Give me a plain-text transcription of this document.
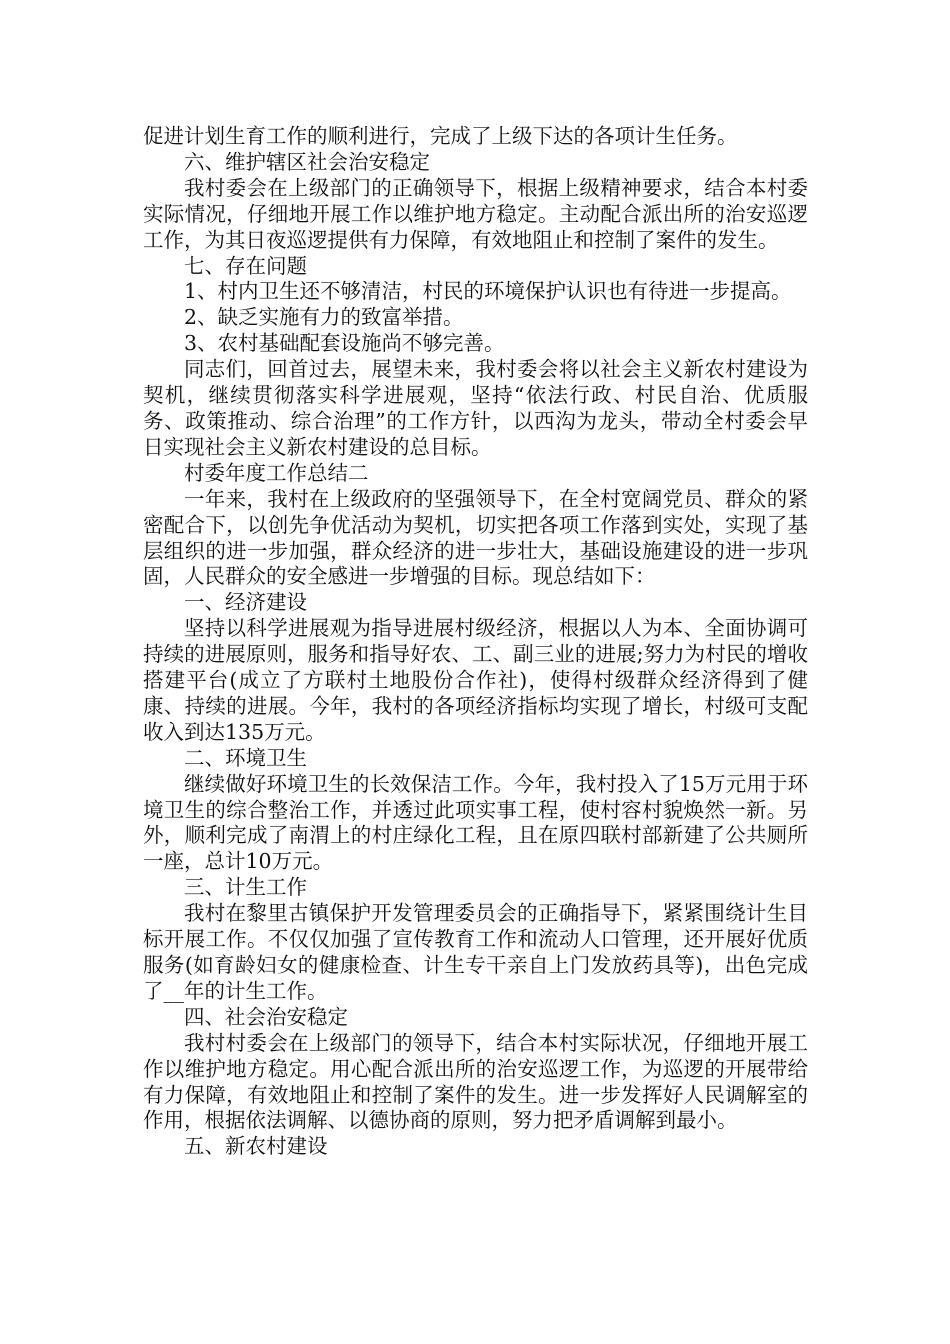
促进计划生育工作的顺利进行，完成了上级下达的各项计生任务。

六、维护辖区社会治安稳定

我村委会在上级部门的正确领导下，根据上级精神要求，结合本村委实际情况，仔细地开展工作以维护地方稳定。主动配合派出所的治安巡逻工作，为其日夜巡逻提供有力保障，有效地阻止和控制了案件的发生。

七、存在问题

1、村内卫生还不够清洁，村民的环境保护认识也有待进一步提高。

2、缺乏实施有力的致富举措。

3、农村基础配套设施尚不够完善。

同志们，回首过去，展望未来，我村委会将以社会主义新农村建设为契机，继续贯彻落实科学进展观，坚持“依法行政、村民自治、优质服务、政策推动、综合治理”的工作方针，以西沟为龙头，带动全村委会早日实现社会主义新农村建设的总目标。

村委年度工作总结二

一年来，我村在上级政府的坚强领导下，在全村宽阔党员、群众的紧密配合下，以创先争优活动为契机，切实把各项工作落到实处，实现了基层组织的进一步加强，群众经济的进一步壮大，基础设施建设的进一步巩固，人民群众的安全感进一步增强的目标。现总结如下：

一、经济建设

坚持以科学进展观为指导进展村级经济，根据以人为本、全面协调可持续的进展原则，服务和指导好农、工、副三业的进展;努力为村民的增收搭建平台(成立了方联村土地股份合作社)，使得村级群众经济得到了健康、持续的进展。今年，我村的各项经济指标均实现了增长，村级可支配收入到达135万元。

二、环境卫生

继续做好环境卫生的长效保洁工作。今年，我村投入了15万元用于环境卫生的综合整治工作，并透过此项实事工程，使村容村貌焕然一新。另外，顺利完成了南渭上的村庄绿化工程，且在原四联村部新建了公共厕所一座，总计10万元。

三、计生工作

我村在黎里古镇保护开发管理委员会的正确指导下，紧紧围绕计生目标开展工作。不仅仅加强了宣传教育工作和流动人口管理，还开展好优质服务(如育龄妇女的健康检查、计生专干亲自上门发放药具等)，出色完成了__年的计生工作。

四、社会治安稳定

我村村委会在上级部门的领导下，结合本村实际状况，仔细地开展工作以维护地方稳定。用心配合派出所的治安巡逻工作，为巡逻的开展带给有力保障，有效地阻止和控制了案件的发生。进一步发挥好人民调解室的作用，根据依法调解、以德协商的原则，努力把矛盾调解到最小。

五、新农村建设
